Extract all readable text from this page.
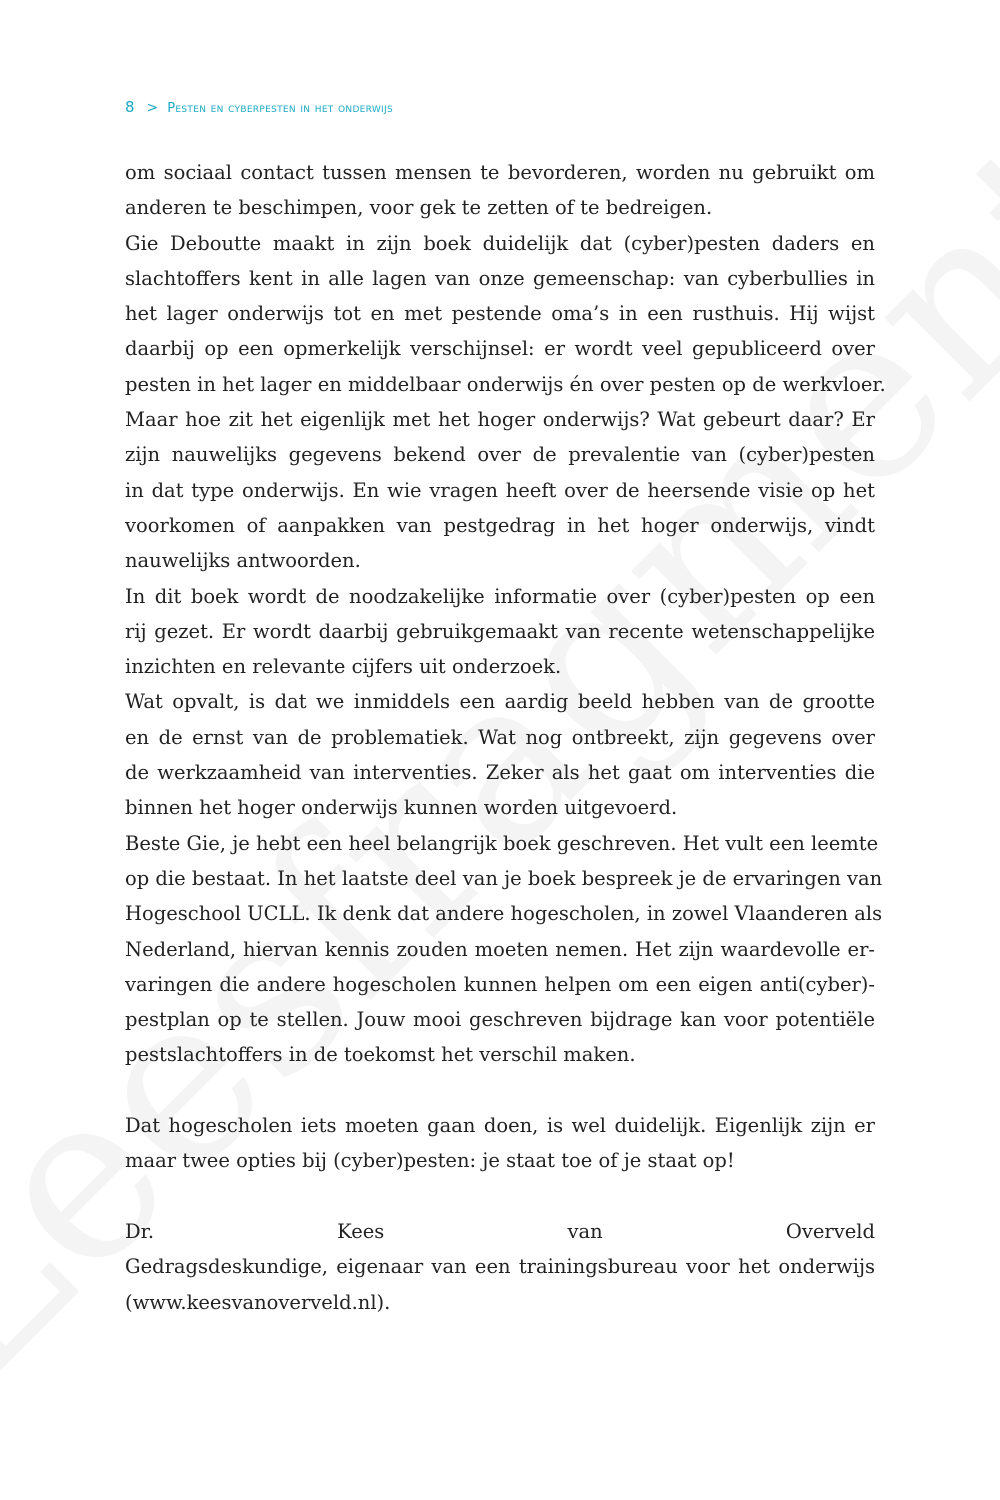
8 > Pesten en cyberpesten in het onderwijs

om sociaal contact tussen mensen te bevorderen, worden nu gebruikt om
anderen te beschimpen, voor gek te zetten of te bedreigen.

Gie Deboutte maakt in zijn boek duidelijk dat (cyber)pesten daders en
slachtoffers kent in alle lagen van onze gemeenschap: van cyberbullies in
het lager onderwijs tot en met pestende oma’s in een rusthuis. Hij wijst
daarbij op een opmerkelijk verschijnsel: er wordt veel gepubliceerd over
pesten in het lager en middelbaar onderwijs én over pesten op de werkvloer.
Maar hoe zit het eigenlijk met het hoger onderwijs? Wat gebeurt daar? Er
zijn nauwelijks gegevens bekend over de prevalentie van (cyber)pesten
in dat type onderwijs. En wie vragen heeft over de heersende visie op het
voorkomen of aanpakken van pestgedrag in het hoger onderwijs, vindt
nauwelijks antwoorden.

In dit boek wordt de noodzakelijke informatie over (cyber)pesten op een
rij gezet. Er wordt daarbij gebruikgemaakt van recente wetenschappelijke
inzichten en relevante cijfers uit onderzoek.

Wat opvalt, is dat we inmiddels een aardig beeld hebben van de grootte
en de ernst van de problematiek. Wat nog ontbreekt, zijn gegevens over
de werkzaamheid van interventies. Zeker als het gaat om interventies die
binnen het hoger onderwijs kunnen worden uitgevoerd.

Beste Gie, je hebt een heel belangrijk boek geschreven. Het vult een leemte
op die bestaat. In het laatste deel van je boek bespreek je de ervaringen van
Hogeschool UCLL. Ik denk dat andere hogescholen, in zowel Vlaanderen als
Nederland, hiervan kennis zouden moeten nemen. Het zijn waardevolle er-
varingen die andere hogescholen kunnen helpen om een eigen anti(cyber)-
pestplan op te stellen. Jouw mooi geschreven bijdrage kan voor potentiële
pestslachtoffers in de toekomst het verschil maken.

Dat hogescholen iets moeten gaan doen, is wel duidelijk. Eigenlijk zijn er
maar twee opties bij (cyber)pesten: je staat toe of je staat op!

Dr. Kees van Overveld
Gedragsdeskundige, eigenaar van een trainingsbureau voor het onderwijs
(www.keesvanoverveld.nl).
